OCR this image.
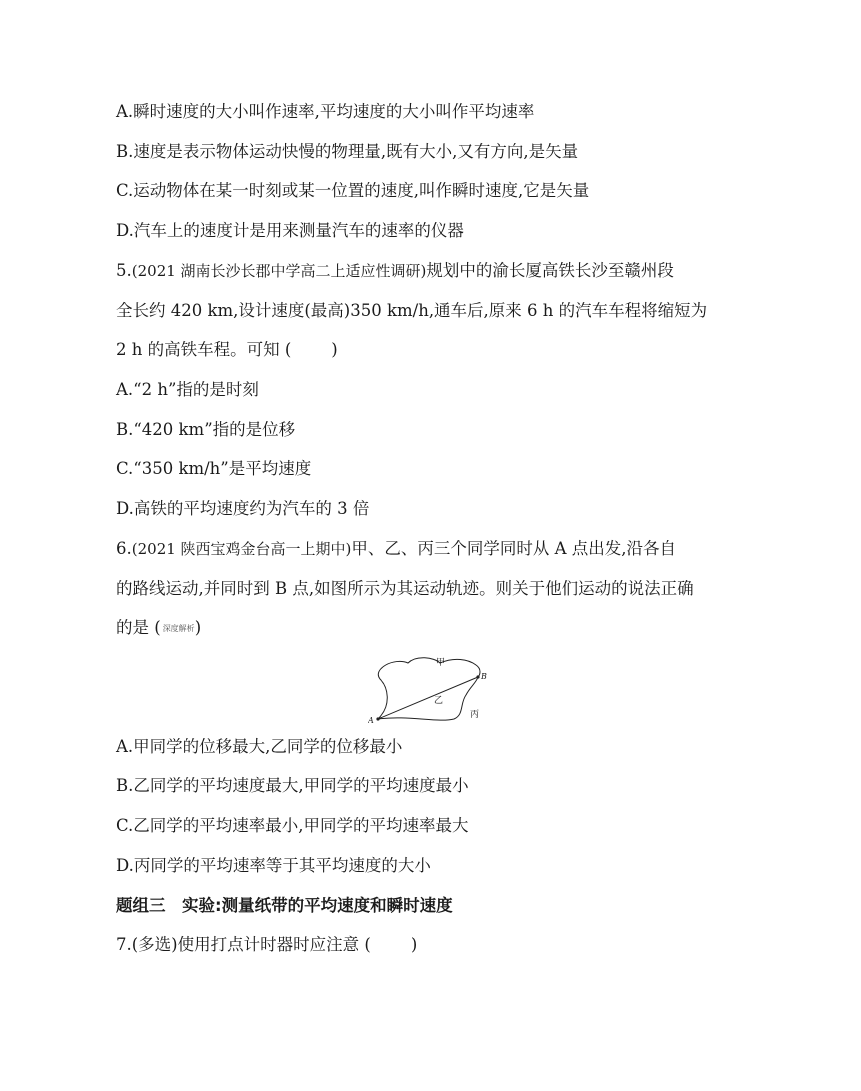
A.瞬时速度的大小叫作速率,平均速度的大小叫作平均速率
B.速度是表示物体运动快慢的物理量,既有大小,又有方向,是矢量
C.运动物体在某一时刻或某一位置的速度,叫作瞬时速度,它是矢量
D.汽车上的速度计是用来测量汽车的速率的仪器
5.(2021 湖南长沙长郡中学高二上适应性调研)规划中的渝长厦高铁长沙至赣州段
全长约 420 km,设计速度(最高)350 km/h,通车后,原来 6 h 的汽车车程将缩短为
2 h 的高铁车程。可知 ( )
A.“2 h”指的是时刻
B.“420 km”指的是位移
C.“350 km/h”是平均速度
D.高铁的平均速度约为汽车的 3 倍
6.(2021 陕西宝鸡金台高一上期中)甲、乙、丙三个同学同时从 A 点出发,沿各自
的路线运动,并同时到 B 点,如图所示为其运动轨迹。则关于他们运动的说法正确
的是 ( 深度解析)
A
B
甲
乙
丙
A.甲同学的位移最大,乙同学的位移最小
B.乙同学的平均速度最大,甲同学的平均速度最小
C.乙同学的平均速率最小,甲同学的平均速率最大
D.丙同学的平均速率等于其平均速度的大小
题组三　实验:测量纸带的平均速度和瞬时速度
7.(多选)使用打点计时器时应注意 ( )
